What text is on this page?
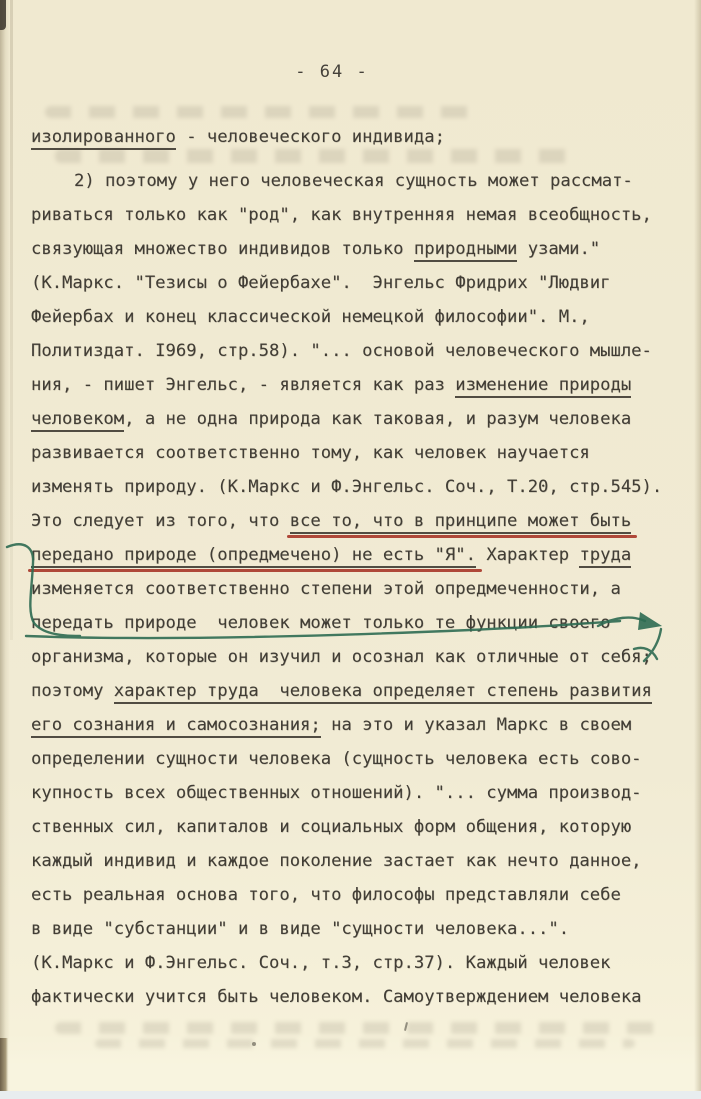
- 64 -
изолированного - человеческого индивида;
2) поэтому у него человеческая сущность может рассмат-
риваться только как "род", как внутренняя немая всеобщность,
связующая множество индивидов только природными узами."
(К.Маркс. "Тезисы о Фейербахе".  Энгельс Фридрих "Людвиг
Фейербах и конец классической немецкой философии". М.,
Политиздат. I969, стр.58). "... основой человеческого мышле-
ния, - пишет Энгельс, - является как раз изменение природы
человеком, а не одна природа как таковая, и разум человека
развивается соответственно тому, как человек научается
изменять природу. (К.Маркс и Ф.Энгельс. Соч., Т.20, стр.545).
Это следует из того, что все то, что в принципе может быть
передано природе (опредмечено) не есть "Я". Характер труда
изменяется соответственно степени этой опредмеченности, а
передать природе  человек может только те функции своего
организма, которые он изучил и осознал как отличные от себя;
поэтому характер труда  человека определяет степень развития
его сознания и самосознания; на это и указал Маркс в своем
определении сущности человека (сущность человека есть сово-
купность всех общественных отношений). "... сумма производ-
ственных сил, капиталов и социальных форм общения, которую
каждый индивид и каждое поколение застает как нечто данное,
есть реальная основа того, что философы представляли себе
в виде "субстанции" и в виде "сущности человека...".
(К.Маркс и Ф.Энгельс. Соч., т.3, стр.37). Каждый человек
фактически учится быть человеком. Самоутверждением человека
